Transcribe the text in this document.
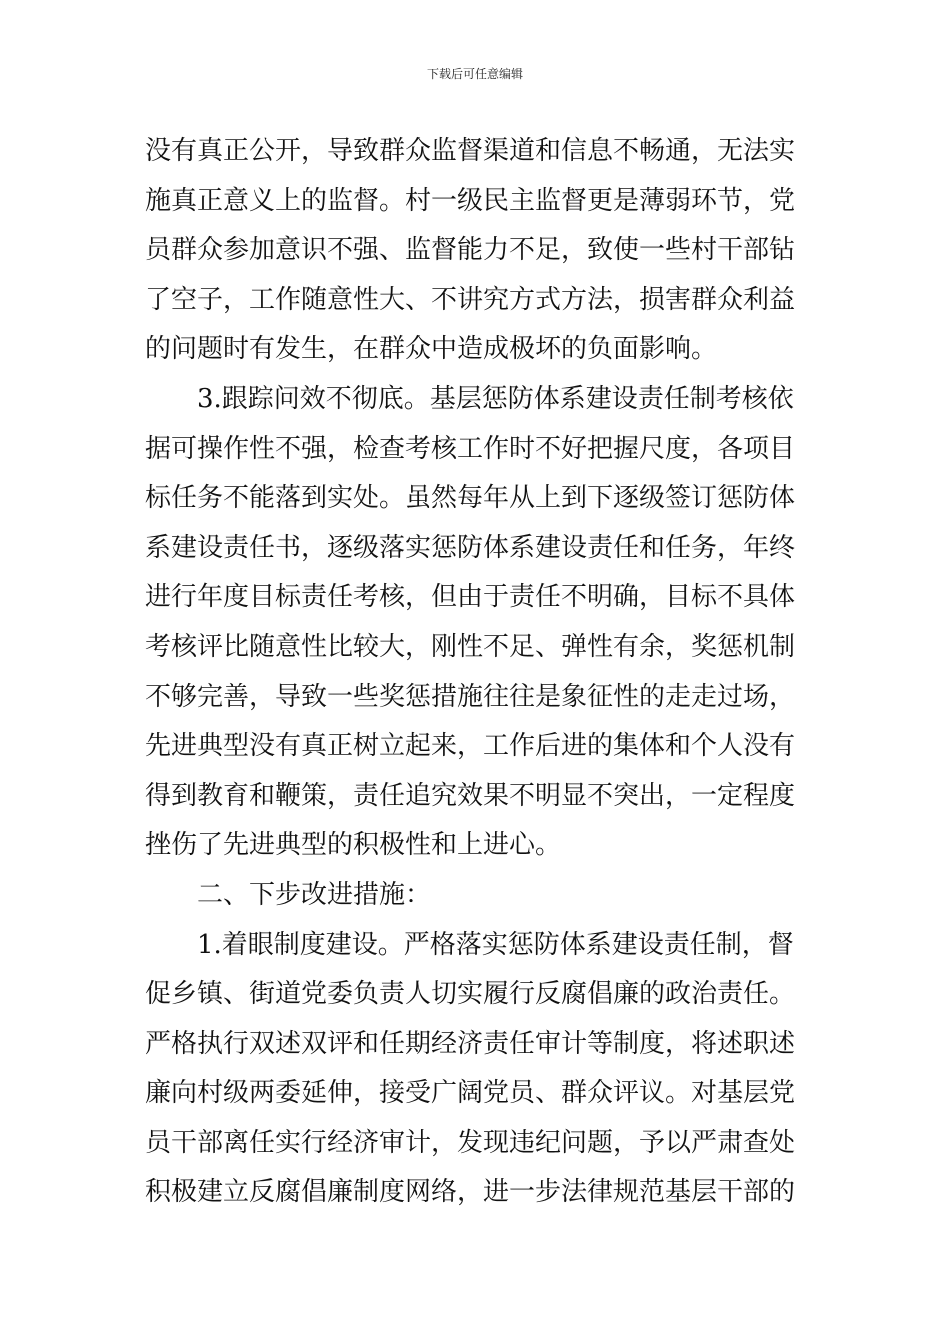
下载后可任意编辑
没有真正公开，导致群众监督渠道和信息不畅通，无法实
施真正意义上的监督。村一级民主监督更是薄弱环节，党
员群众参加意识不强、监督能力不足，致使一些村干部钻
了空子，工作随意性大、不讲究方式方法，损害群众利益
的问题时有发生，在群众中造成极坏的负面影响。
3.跟踪问效不彻底。基层惩防体系建设责任制考核依
据可操作性不强，检查考核工作时不好把握尺度，各项目
标任务不能落到实处。虽然每年从上到下逐级签订惩防体
系建设责任书，逐级落实惩防体系建设责任和任务，年终
进行年度目标责任考核，但由于责任不明确，目标不具体
考核评比随意性比较大，刚性不足、弹性有余，奖惩机制
不够完善，导致一些奖惩措施往往是象征性的走走过场，
先进典型没有真正树立起来，工作后进的集体和个人没有
得到教育和鞭策，责任追究效果不明显不突出，一定程度
挫伤了先进典型的积极性和上进心。
二、下步改进措施：
1.着眼制度建设。严格落实惩防体系建设责任制，督
促乡镇、街道党委负责人切实履行反腐倡廉的政治责任。
严格执行双述双评和任期经济责任审计等制度，将述职述
廉向村级两委延伸，接受广阔党员、群众评议。对基层党
员干部离任实行经济审计，发现违纪问题，予以严肃查处
积极建立反腐倡廉制度网络，进一步法律规范基层干部的
